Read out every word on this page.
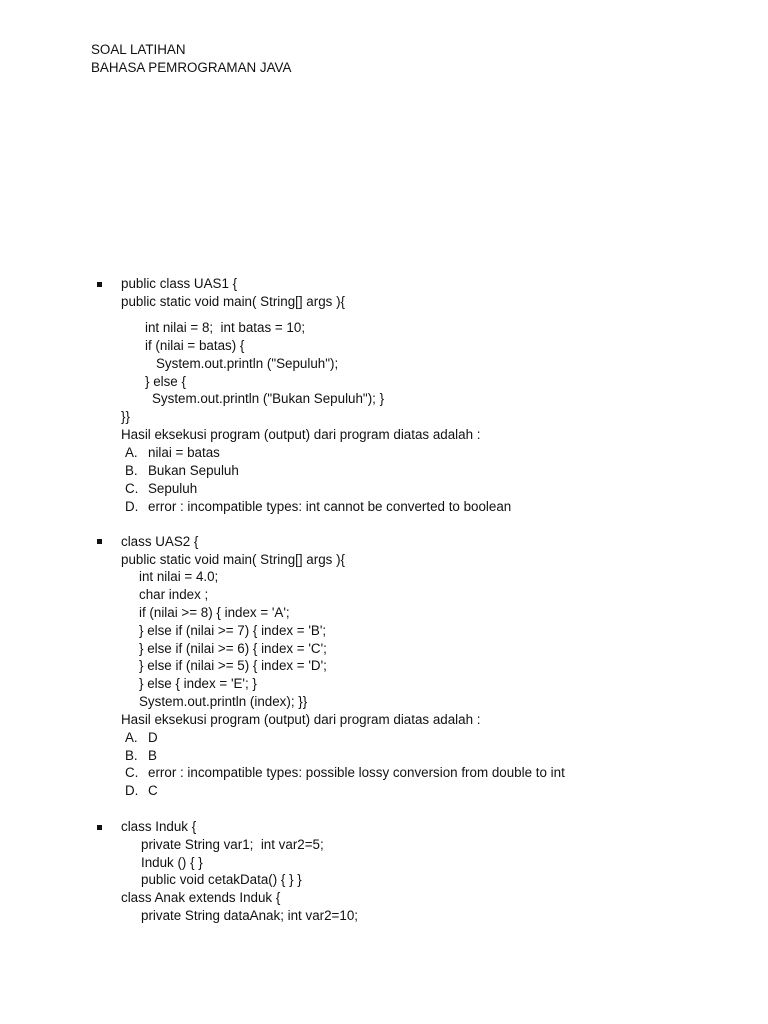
SOAL LATIHAN
BAHASA PEMROGRAMAN JAVA
public class UAS1 {
public static void main( String[] args ){
int nilai = 8;  int batas = 10;
if (nilai = batas) {
System.out.println ("Sepuluh");
} else {
System.out.println ("Bukan Sepuluh"); }
}}
Hasil eksekusi program (output) dari program diatas adalah :
A. nilai = batas
B. Bukan Sepuluh
C. Sepuluh
D. error : incompatible types: int cannot be converted to boolean
class UAS2 {
public static void main( String[] args ){
int nilai = 4.0;
char index ;
if (nilai >= 8) { index = 'A';
} else if (nilai >= 7) { index = 'B';
} else if (nilai >= 6) { index = 'C';
} else if (nilai >= 5) { index = 'D';
} else { index = 'E'; }
System.out.println (index); }}
Hasil eksekusi program (output) dari program diatas adalah :
A. D
B. B
C. error : incompatible types: possible lossy conversion from double to int
D. C
class Induk {
private String var1;  int var2=5;
Induk () { }
public void cetakData() { } }
class Anak extends Induk {
private String dataAnak; int var2=10;
